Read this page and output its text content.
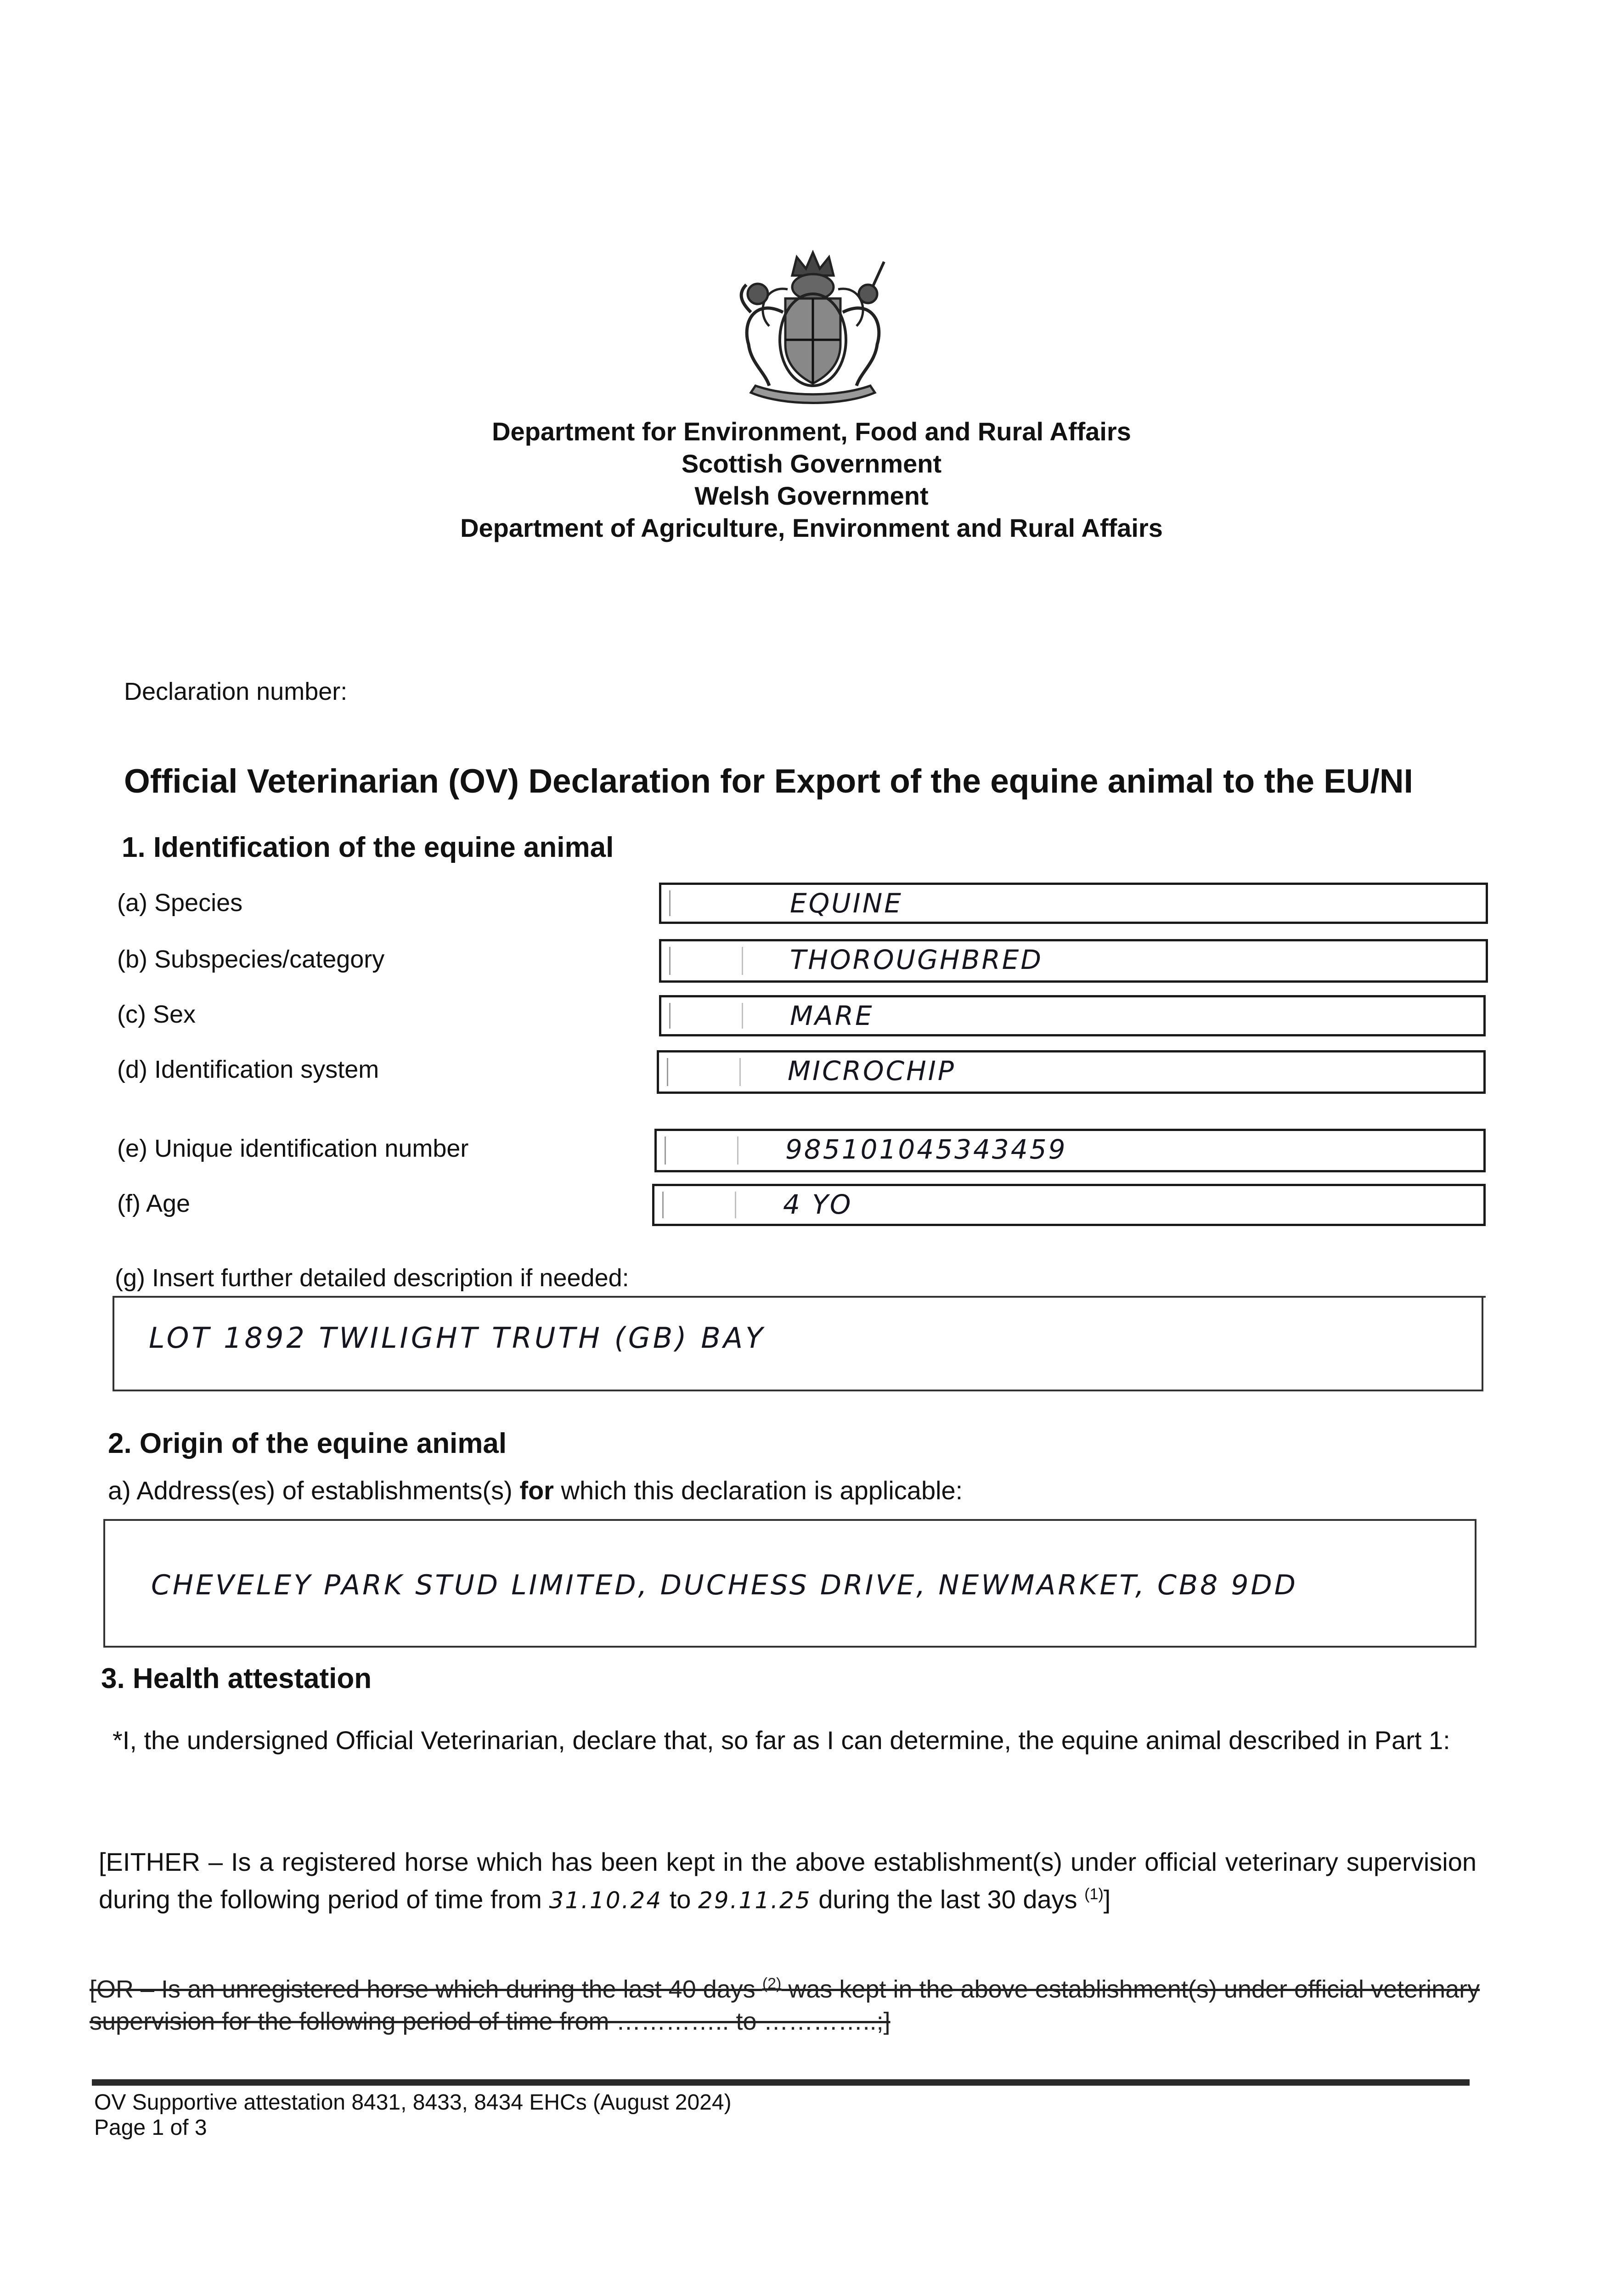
Department for Environment, Food and Rural Affairs
Scottish Government
Welsh Government
Department of Agriculture, Environment and Rural Affairs
Declaration number:
Official Veterinarian (OV) Declaration for Export of the equine animal to the EU/NI
1. Identification of the equine animal
(a) Species	EQUINE
(b) Subspecies/category	THOROUGHBRED
(c) Sex	MARE
(d) Identification system	MICROCHIP
(e) Unique identification number	985101045343459
(f) Age	4 YO
(g) Insert further detailed description if needed:
LOT 1892 TWILIGHT TRUTH (GB) BAY
2. Origin of the equine animal
a) Address(es) of establishments(s) for which this declaration is applicable:
CHEVELEY PARK STUD LIMITED, DUCHESS DRIVE, NEWMARKET, CB8 9DD
3. Health attestation
*I, the undersigned Official Veterinarian, declare that, so far as I can determine, the equine animal described in Part 1:
[EITHER – Is a registered horse which has been kept in the above establishment(s) under official veterinary supervision during the following period of time from 31.10.24 to 29.11.25 during the last 30 days $^{(1)}$]
[OR – Is an unregistered horse which during the last 40 days $^{(2)}$ was kept in the above establishment(s) under official veterinary supervision for the following period of time from ………….. to …………..;]
OV Supportive attestation 8431, 8433, 8434 EHCs (August 2024)
Page 1 of 3
